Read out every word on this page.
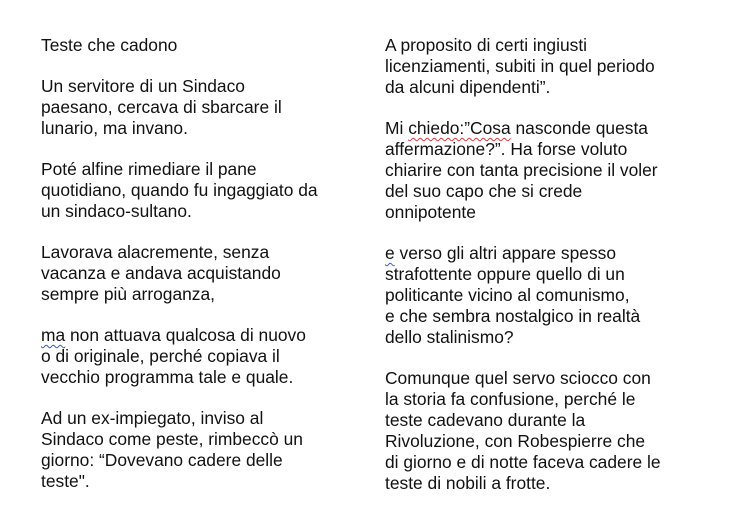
Teste che cadono

Un servitore di un Sindaco
paesano, cercava di sbarcare il
lunario, ma invano.

Poté alfine rimediare il pane
quotidiano, quando fu ingaggiato da
un sindaco-sultano.

Lavorava alacremente, senza
vacanza e andava acquistando
sempre più arroganza,

ma non attuava qualcosa di nuovo
o di originale, perché copiava il
vecchio programma tale e quale.

Ad un ex-impiegato, inviso al
Sindaco come peste, rimbeccò un
giorno: “Dovevano cadere delle
teste".

A proposito di certi ingiusti
licenziamenti, subiti in quel periodo
da alcuni dipendenti”.

Mi chiedo:”Cosa nasconde questa
affermazione?”. Ha forse voluto
chiarire con tanta precisione il voler
del suo capo che si crede
onnipotente

e verso gli altri appare spesso
strafottente oppure quello di un
politicante vicino al comunismo,
e che sembra nostalgico in realtà
dello stalinismo?

Comunque quel servo sciocco con
la storia fa confusione, perché le
teste cadevano durante la
Rivoluzione, con Robespierre che
di giorno e di notte faceva cadere le
teste di nobili a frotte.
